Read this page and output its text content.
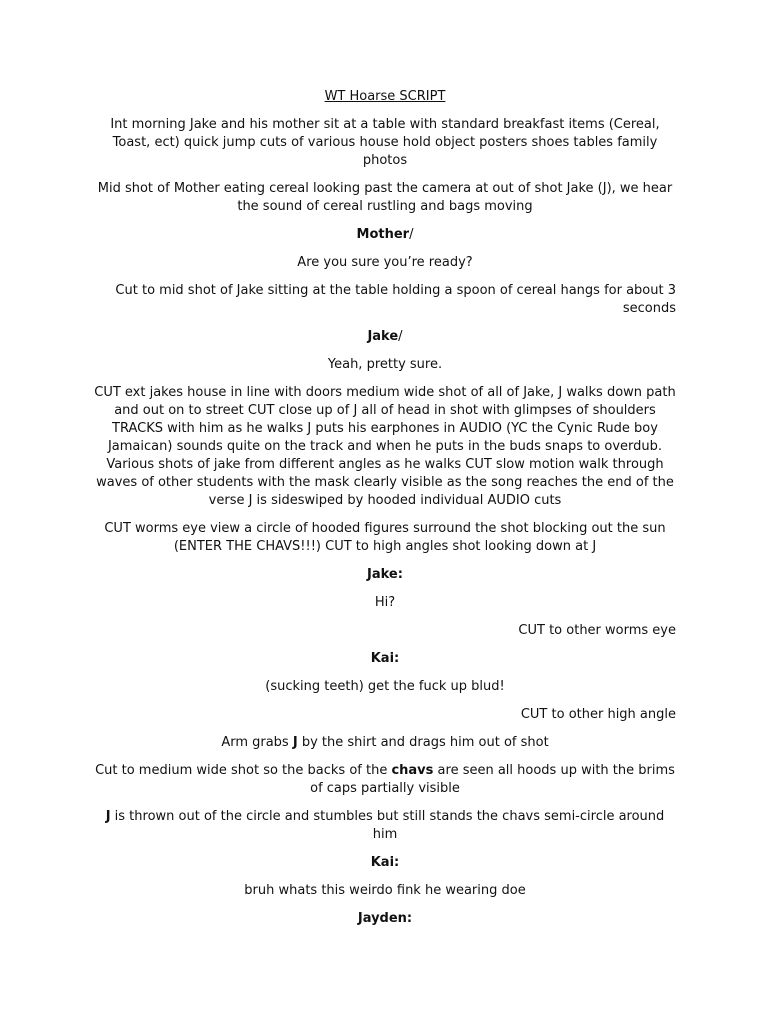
WT Hoarse SCRIPT

Int morning Jake and his mother sit at a table with standard breakfast items (Cereal, Toast, ect) quick jump cuts of various house hold object posters shoes tables family photos

Mid shot of Mother eating cereal looking past the camera at out of shot Jake (J), we hear the sound of cereal rustling and bags moving

Mother/

Are you sure you’re ready?

Cut to mid shot of Jake sitting at the table holding a spoon of cereal hangs for about 3 seconds

Jake/

Yeah, pretty sure.

CUT ext jakes house in line with doors medium wide shot of all of Jake, J walks down path and out on to street CUT close up of J all of head in shot with glimpses of shoulders TRACKS with him as he walks J puts his earphones in AUDIO (YC the Cynic Rude boy Jamaican) sounds quite on the track and when he puts in the buds snaps to overdub. Various shots of jake from different angles as he walks CUT slow motion walk through waves of other students with the mask clearly visible as the song reaches the end of the verse J is sideswiped by hooded individual AUDIO cuts

CUT worms eye view a circle of hooded figures surround the shot blocking out the sun (ENTER THE CHAVS!!!) CUT to high angles shot looking down at J

Jake:

Hi?

CUT to other worms eye

Kai:

(sucking teeth) get the fuck up blud!

CUT to other high angle

Arm grabs J by the shirt and drags him out of shot

Cut to medium wide shot so the backs of the chavs are seen all hoods up with the brims of caps partially visible

J is thrown out of the circle and stumbles but still stands the chavs semi-circle around him

Kai:

bruh whats this weirdo fink he wearing doe

Jayden:
